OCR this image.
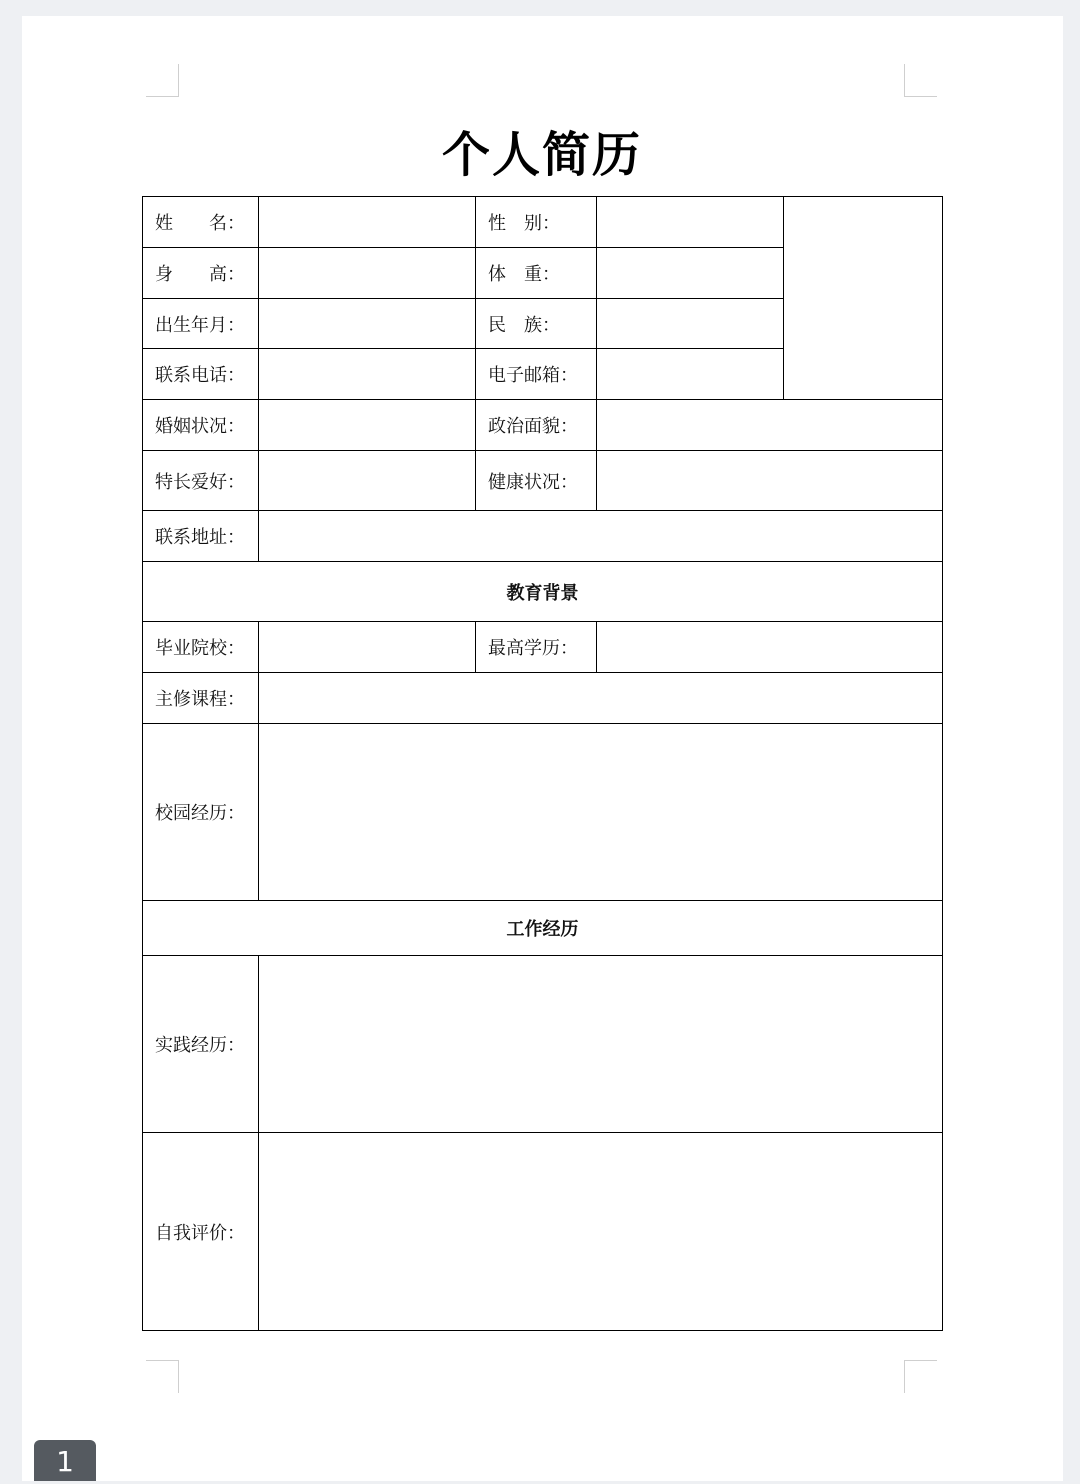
个人简历
姓　　名：		性　别：		
身　　高：		体　重：		
出生年月：		民　族：		
联系电话：		电子邮箱：		
婚姻状况：		政治面貌：		
特长爱好：		健康状况：		
联系地址：				
教育背景				
毕业院校：		最高学历：		
主修课程：				
校园经历：				
工作经历				
实践经历：				
自我评价：				
1
